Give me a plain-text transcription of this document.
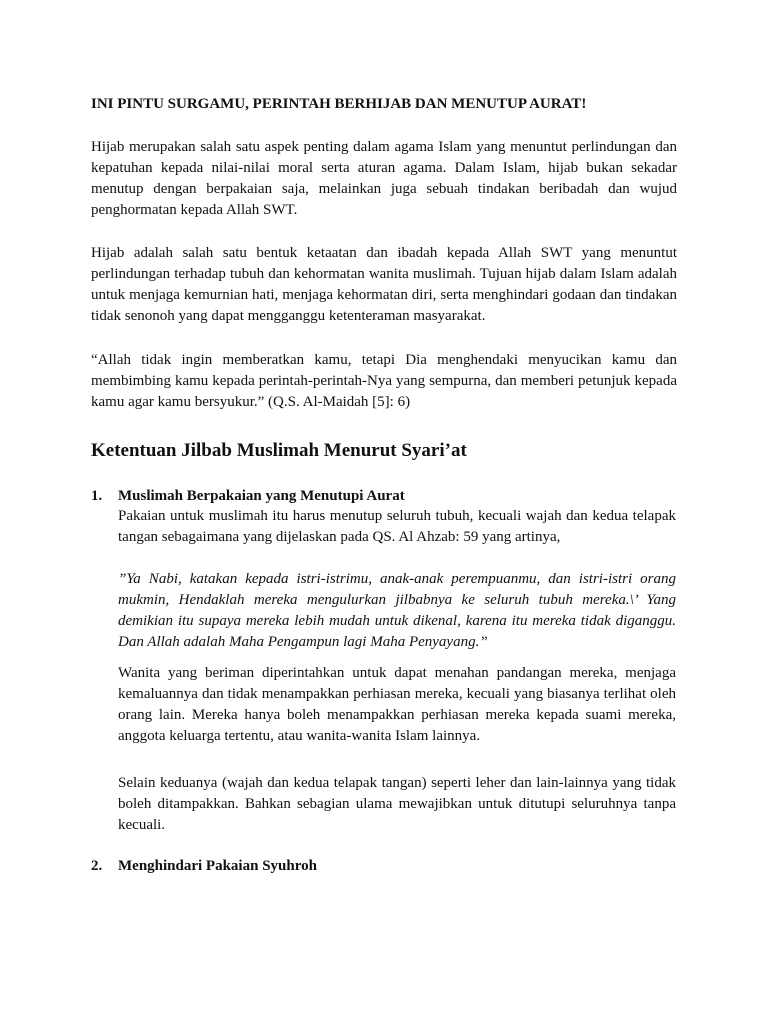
INI PINTU SURGAMU, PERINTAH BERHIJAB DAN MENUTUP AURAT!
Hijab merupakan salah satu aspek penting dalam agama Islam yang menuntut perlindungan dan kepatuhan kepada nilai-nilai moral serta aturan agama. Dalam Islam, hijab bukan sekadar menutup dengan berpakaian saja, melainkan juga sebuah tindakan beribadah dan wujud penghormatan kepada Allah SWT.
Hijab adalah salah satu bentuk ketaatan dan ibadah kepada Allah SWT yang menuntut perlindungan terhadap tubuh dan kehormatan wanita muslimah. Tujuan hijab dalam Islam adalah untuk menjaga kemurnian hati, menjaga kehormatan diri, serta menghindari godaan dan tindakan tidak senonoh yang dapat mengganggu ketenteraman masyarakat.
“Allah tidak ingin memberatkan kamu, tetapi Dia menghendaki menyucikan kamu dan membimbing kamu kepada perintah-perintah-Nya yang sempurna, dan memberi petunjuk kepada kamu agar kamu bersyukur.” (Q.S. Al-Maidah [5]: 6)
Ketentuan Jilbab Muslimah Menurut Syari’at
1. Muslimah Berpakaian yang Menutupi Aurat
Pakaian untuk muslimah itu harus menutup seluruh tubuh, kecuali wajah dan kedua telapak tangan sebagaimana yang dijelaskan pada QS. Al Ahzab: 59 yang artinya,
”Ya Nabi, katakan kepada istri-istrimu, anak-anak perempuanmu, dan istri-istri orang mukmin, Hendaklah mereka mengulurkan jilbabnya ke seluruh tubuh mereka.\’ Yang demikian itu supaya mereka lebih mudah untuk dikenal, karena itu mereka tidak diganggu. Dan Allah adalah Maha Pengampun lagi Maha Penyayang.”
Wanita yang beriman diperintahkan untuk dapat menahan pandangan mereka, menjaga kemaluannya dan tidak menampakkan perhiasan mereka, kecuali yang biasanya terlihat oleh orang lain. Mereka hanya boleh menampakkan perhiasan mereka kepada suami mereka, anggota keluarga tertentu, atau wanita-wanita Islam lainnya.
Selain keduanya (wajah dan kedua telapak tangan) seperti leher dan lain-lainnya yang tidak boleh ditampakkan. Bahkan sebagian ulama mewajibkan untuk ditutupi seluruhnya tanpa kecuali.
2. Menghindari Pakaian Syuhroh
